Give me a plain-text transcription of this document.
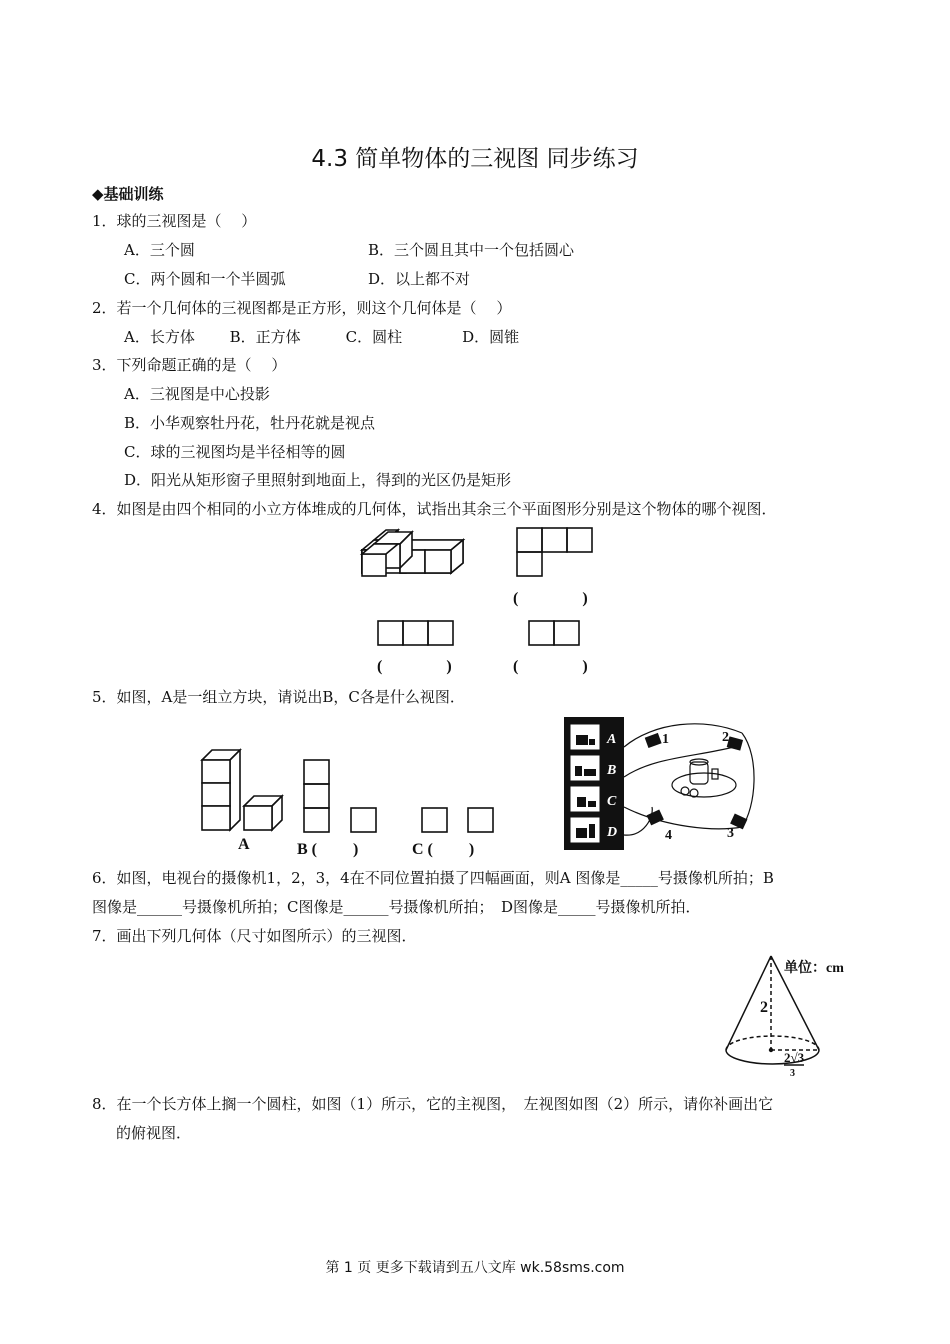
4.3 简单物体的三视图 同步练习
◆基础训练
1．球的三视图是（　 ）
A．三个圆	B．三个圆且其中一个包括圆心
C．两个圆和一个半圆弧	D．以上都不对
2．若一个几何体的三视图都是正方形，则这个几何体是（　 ）
A．长方体　　 B．正方体　　　C．圆柱　　　　D．圆锥
3．下列命题正确的是（　 ）
A．三视图是中心投影
B．小华观察牡丹花，牡丹花就是视点
C．球的三视图均是半径相等的圆
D．阳光从矩形窗子里照射到地面上，得到的光区仍是矩形
4．如图是由四个相同的小立方体堆成的几何体，试指出其余三个平面图形分别是这个物体的哪个视图．
(　　　　)
(　　　　)	(　　　　)
5．如图，A是一组立方块，请说出B，C各是什么视图．
A	B (　　 )	C (　　 )
A
B
C
D
1	2
3
4
6．如图，电视台的摄像机1，2，3，4在不同位置拍摄了四幅画面，则A 图像是_____号摄像机所拍；B
图像是______号摄像机所拍；C图像是______号摄像机所拍；　D图像是_____号摄像机所拍．
7．画出下列几何体（尺寸如图所示）的三视图．
单位：cm
2
2√3
3
8．在一个长方体上搁一个圆柱，如图（1）所示，它的主视图，　左视图如图（2）所示，请你补画出它
的俯视图．
第 1 页 更多下载请到五八文库 wk.58sms.com
